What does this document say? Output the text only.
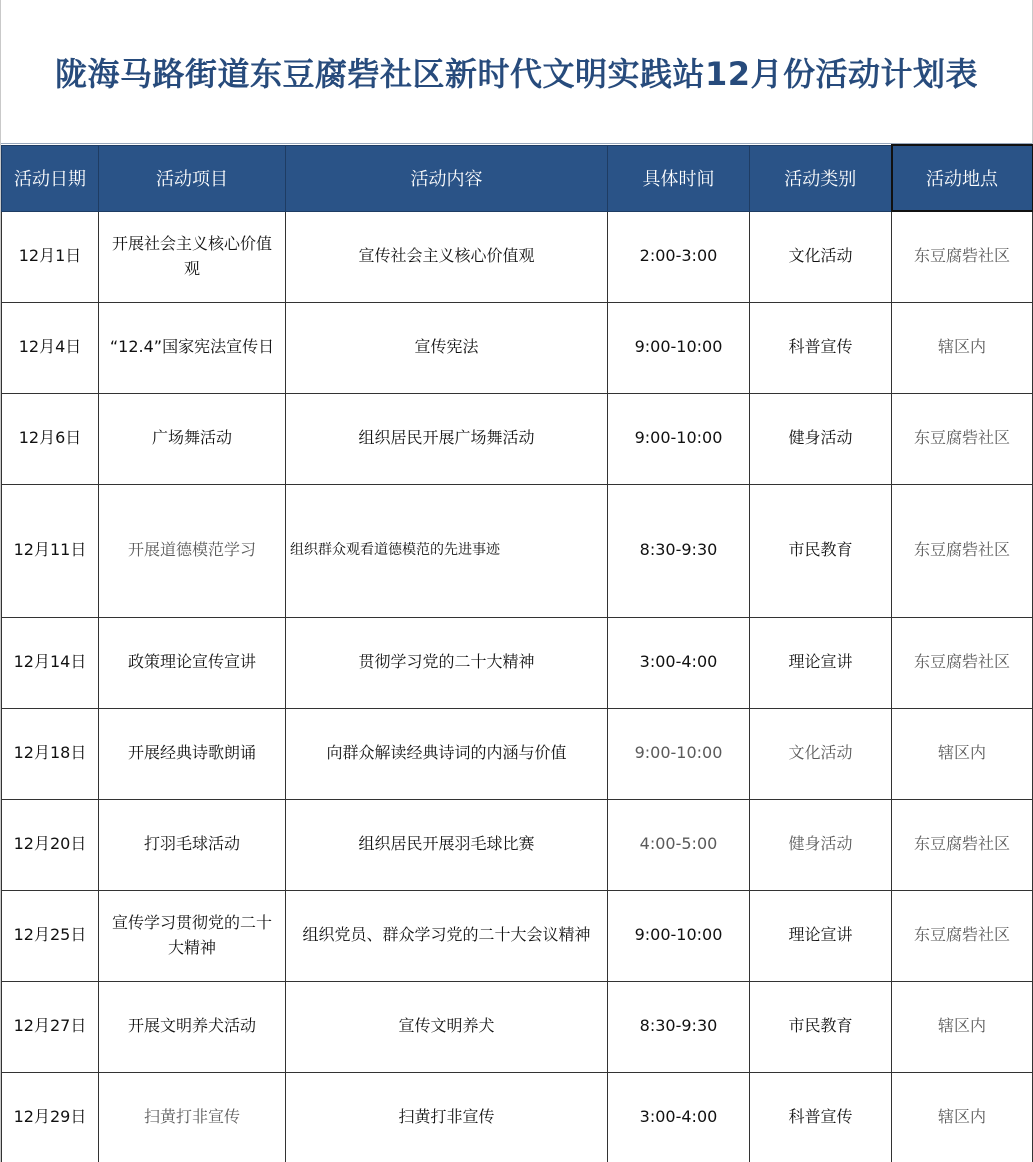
陇海马路街道东豆腐砦社区新时代文明实践站12月份活动计划表
活动日期	活动项目	活动内容	具体时间	活动类别	活动地点
12月1日	开展社会主义核心价值观	宣传社会主义核心价值观	2:00-3:00	文化活动	东豆腐砦社区
12月4日	“12.4”国家宪法宣传日	宣传宪法	9:00-10:00	科普宣传	辖区内
12月6日	广场舞活动	组织居民开展广场舞活动	9:00-10:00	健身活动	东豆腐砦社区
12月11日	开展道德模范学习	组织群众观看道德模范的先进事迹	8:30-9:30	市民教育	东豆腐砦社区
12月14日	政策理论宣传宣讲	贯彻学习党的二十大精神	3:00-4:00	理论宣讲	东豆腐砦社区
12月18日	开展经典诗歌朗诵	向群众解读经典诗词的内涵与价值	9:00-10:00	文化活动	辖区内
12月20日	打羽毛球活动	组织居民开展羽毛球比赛	4:00-5:00	健身活动	东豆腐砦社区
12月25日	宣传学习贯彻党的二十大精神	组织党员、群众学习党的二十大会议精神	9:00-10:00	理论宣讲	东豆腐砦社区
12月27日	开展文明养犬活动	宣传文明养犬	8:30-9:30	市民教育	辖区内
12月29日	扫黄打非宣传	扫黄打非宣传	3:00-4:00	科普宣传	辖区内
